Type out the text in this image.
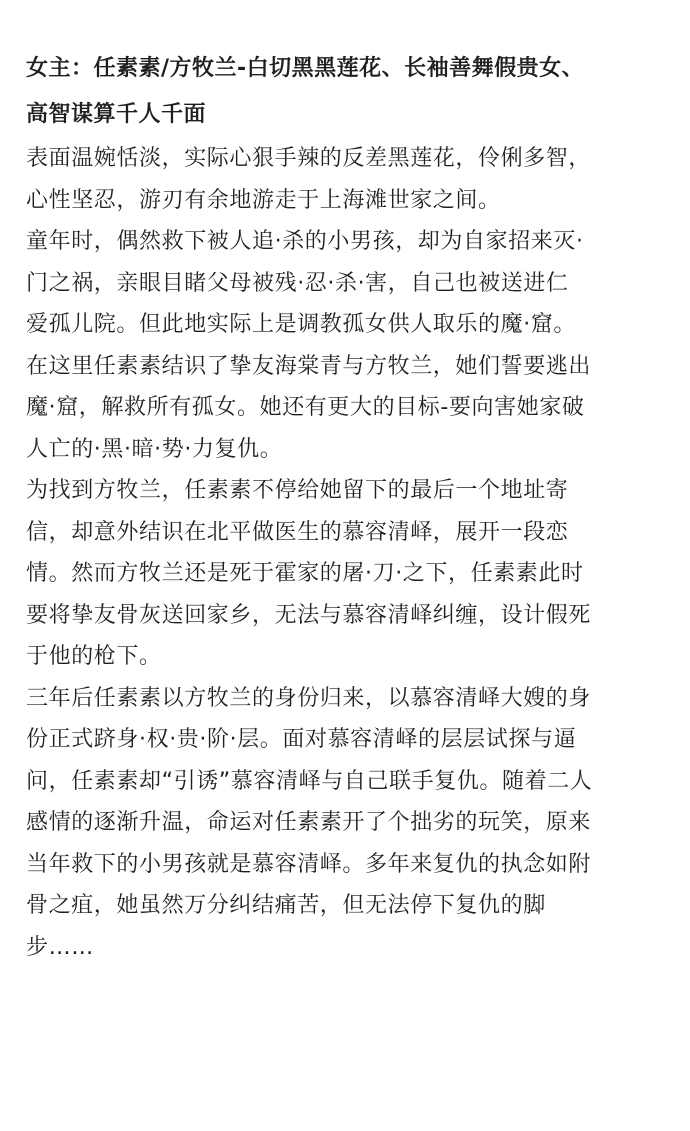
女主：任素素/方牧兰-白切黑黑莲花、长袖善舞假贵女、
高智谋算千人千面
表面温婉恬淡，实际心狠手辣的反差黑莲花，伶俐多智，
心性坚忍，游刃有余地游走于上海滩世家之间。
童年时，偶然救下被人追·杀的小男孩，却为自家招来灭·
门之祸，亲眼目睹父母被残·忍·杀·害，自己也被送进仁
爱孤儿院。但此地实际上是调教孤女供人取乐的魔·窟。
在这里任素素结识了挚友海棠青与方牧兰，她们誓要逃出
魔·窟，解救所有孤女。她还有更大的目标-要向害她家破
人亡的·黑·暗·势·力复仇。
为找到方牧兰，任素素不停给她留下的最后一个地址寄
信，却意外结识在北平做医生的慕容清峄，展开一段恋
情。然而方牧兰还是死于霍家的屠·刀·之下，任素素此时
要将挚友骨灰送回家乡，无法与慕容清峄纠缠，设计假死
于他的枪下。
三年后任素素以方牧兰的身份归来，以慕容清峄大嫂的身
份正式跻身·权·贵·阶·层。面对慕容清峄的层层试探与逼
问，任素素却“引诱”慕容清峄与自己联手复仇。随着二人
感情的逐渐升温，命运对任素素开了个拙劣的玩笑，原来
当年救下的小男孩就是慕容清峄。多年来复仇的执念如附
骨之疽，她虽然万分纠结痛苦，但无法停下复仇的脚
步……
